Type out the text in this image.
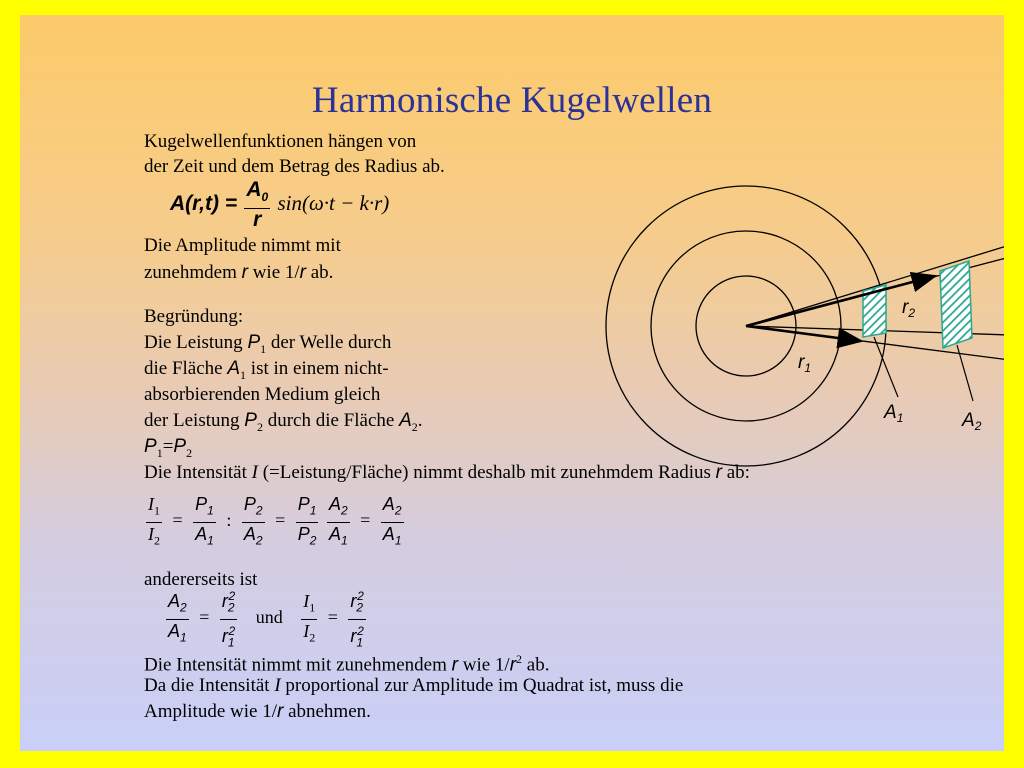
Harmonische Kugelwellen
Kugelwellenfunktionen hängen von
der Zeit und dem Betrag des Radius ab.
$A(r,t) = \frac{A_0}{r} \sin(\omega\cdot t - k\cdot r)$
Die Amplitude nimmt mit
zunehmdem r wie 1/r ab.
Begründung:
Die Leistung $P_1$ der Welle durch
die Fläche $A_1$ ist in einem nicht-
absorbierenden Medium gleich
der Leistung $P_2$ durch die Fläche $A_2$.
$P_1=P_2$
Die Intensität I (=Leistung/Fläche) nimmt deshalb mit zunehmdem Radius r ab:
$\frac{I_1}{I_2} = \frac{P_1}{A_1}$ : $\frac{P_2}{A_2} = \frac{P_1}{P_2}$
$\frac{A_2}{A_1} = \frac{A_2}{A_1}$
andererseits ist
$\frac{A_2}{A_1} = \frac{r_2^2}{r_1^2}$ und $\frac{I_1}{I_2} = \frac{r_2^2}{r_1^2}$
Die Intensität nimmt mit zunehmendem r wie $1/r^2$ ab.
Da die Intensität I proportional zur Amplitude im Quadrat ist, muss die
Amplitude wie 1/r abnehmen.
$r_2$
$r_1$
$A_1$	$A_2$
